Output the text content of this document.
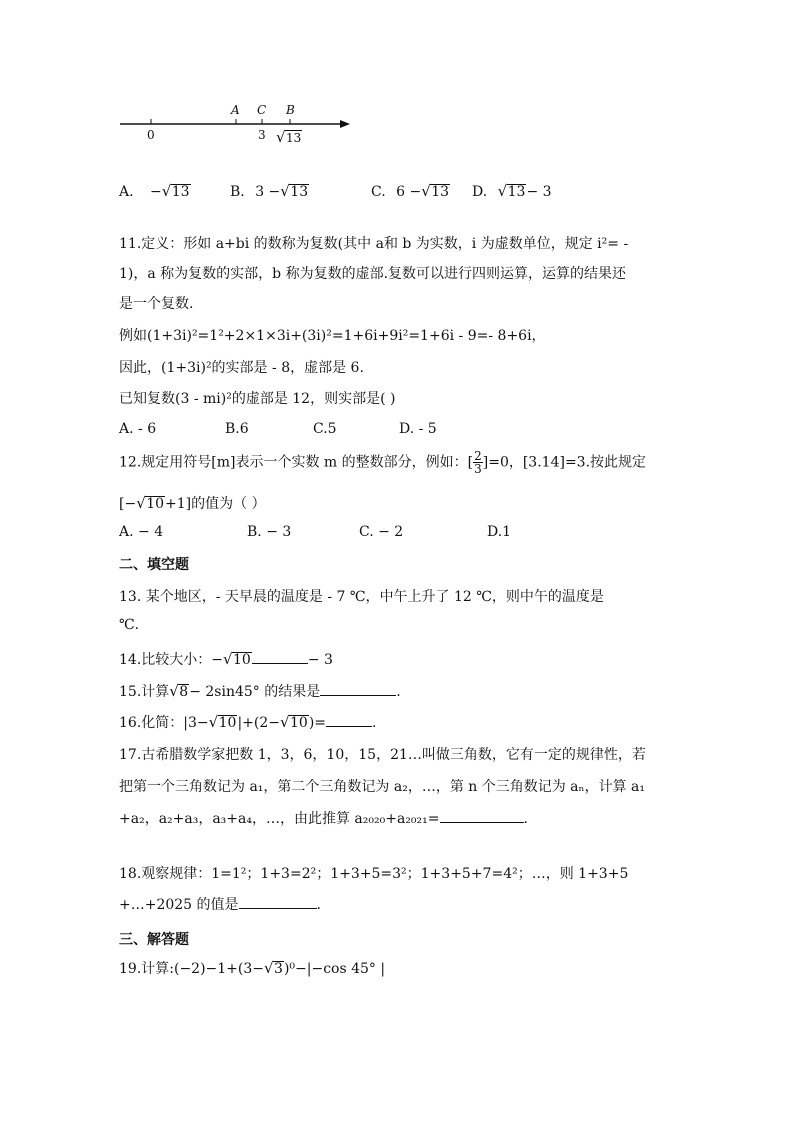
A C B
0	3 √ 13
A. − √ 13	B. 3 − √ 13	C. 6 − √ 13 D. √ 13− 3
11.定义：形如 a+bi 的数称为复数(其中 a和 b 为实数，i 为虚数单位，规定 i²= -
1)，a 称为复数的实部，b 称为复数的虚部.复数可以进行四则运算，运算的结果还
是一个复数.
例如(1+3i)²=1²+2×1×3i+(3i)²=1+6i+9i²=1+6i - 9=- 8+6i，
因此，(1+3i)²的实部是 - 8，虚部是 6.
已知复数(3 - mi)²的虚部是 12，则实部是( )
A. - 6	B.6	C.5	D. - 5
12.规定用符号[m]表示一个实数 m 的整数部分，例如：[ $\frac{2}{3} ]=0$，[3.14]=3.按此规定
[− √ 10+1]的值为（ ）
A. − 4	B. − 3	C. − 2	D.1
二、填空题
13. 某个地区，- 天早晨的温度是 - 7 ℃，中午上升了 12 ℃，则中午的温度是
℃.
14.比较大小：− √ 10	− 3
15.计算 √ 8− 2sin45° 的结果是	.
16.化简：|3− √ 10|+(2− √ 10)=	.
17.古希腊数学家把数 1，3，6，10，15，21…叫做三角数，它有一定的规律性，若
把第一个三角数记为 a₁，第二个三角数记为 a₂，…，第 n 个三角数记为 aₙ，计算 a₁
+a₂，a₂+a₃，a₃+a₄，…，由此推算 a₂₀₂₀+a₂₀₂₁=	.
18.观察规律：1=1²；1+3=2²；1+3+5=3²；1+3+5+7=4²；…，则 1+3+5
+…+2025 的值是	.
三、解答题
19.计算:(−2)−1+(3− √ 3)⁰−|−cos 45° |
